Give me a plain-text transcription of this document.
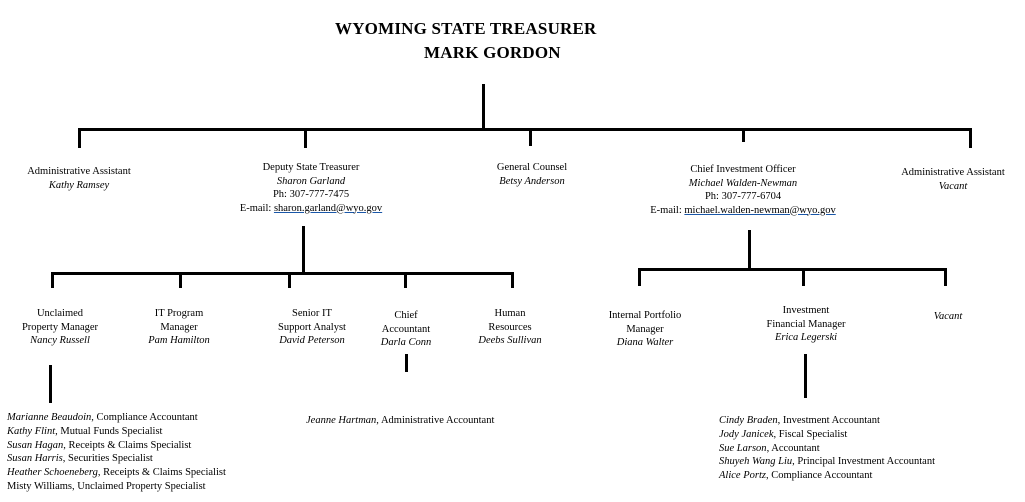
WYOMING STATE TREASURER
MARK GORDON
Administrative Assistant
Kathy Ramsey
Deputy State Treasurer
Sharon Garland
Ph: 307-777-7475
E-mail: sharon.garland@wyo.gov
General Counsel
Betsy Anderson
Chief Investment Officer
Michael Walden-Newman
Ph: 307-777-6704
E-mail: michael.walden-newman@wyo.gov
Administrative Assistant
Vacant
Unclaimed
Property Manager
Nancy Russell
IT Program
Manager
Pam Hamilton
Senior IT
Support Analyst
David Peterson
Chief
Accountant
Darla Conn
Human
Resources
Deebs Sullivan
Internal Portfolio
Manager
Diana Walter
Investment
Financial Manager
Erica Legerski
Vacant
Marianne Beaudoin, Compliance Accountant
Kathy Flint, Mutual Funds Specialist
Susan Hagan, Receipts & Claims Specialist
Susan Harris, Securities Specialist
Heather Schoeneberg, Receipts & Claims Specialist
Misty Williams, Unclaimed Property Specialist
Jeanne Hartman, Administrative Accountant	Cindy Braden, Investment Accountant
Jody Janicek, Fiscal Specialist
Sue Larson, Accountant
Shuyeh Wang Liu, Principal Investment Accountant
Alice Portz, Compliance Accountant
